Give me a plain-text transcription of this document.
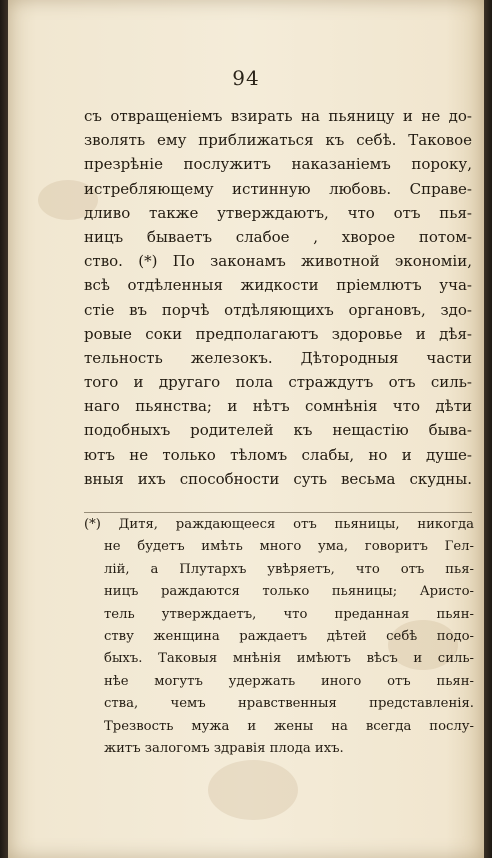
94
съ отвращенiемъ взирать на пьяницу и не до-
зволять ему приближаться къ себѣ. Таковое
презрѣнiе послужитъ наказанiемъ пороку,
истребляющему истинную любовь. Справе-
дливо также утверждаютъ, что отъ пья-
ницъ бываетъ слабое , хворое потом-
ство. (*) По законамъ животной экономiи,
всѣ отдѣленныя жидкости прiемлютъ уча-
стiе въ порчѣ отдѣляющихъ органовъ, здо-
ровые соки предполагаютъ здоровье и дѣя-
тельность железокъ. Дѣтородныя части
того и другаго пола страждутъ отъ силь-
наго пьянства; и нѣтъ сомнѣнiя что дѣти
подобныхъ родителей къ нещастiю быва-
ютъ не только тѣломъ слабы, но и душе-
вныя ихъ способности суть весьма скудны.
(*) Дитя, раждающееся отъ пьяницы, никогда
не будетъ имѣть много ума, говоритъ Гел-
лiй, а Плутархъ увѣряетъ, что отъ пья-
ницъ раждаются только пьяницы; Аристо-
тель утверждаетъ, что преданная пьян-
ству женщина раждаетъ дѣтей себѣ подо-
быхъ. Таковыя мнѣнiя имѣютъ вѣсъ и силь-
нѣе могутъ удержать иного отъ пьян-
ства, чемъ нравственныя представленiя.
Трезвость мужа и жены на всегда послу-
житъ залогомъ здравiя плода ихъ.
